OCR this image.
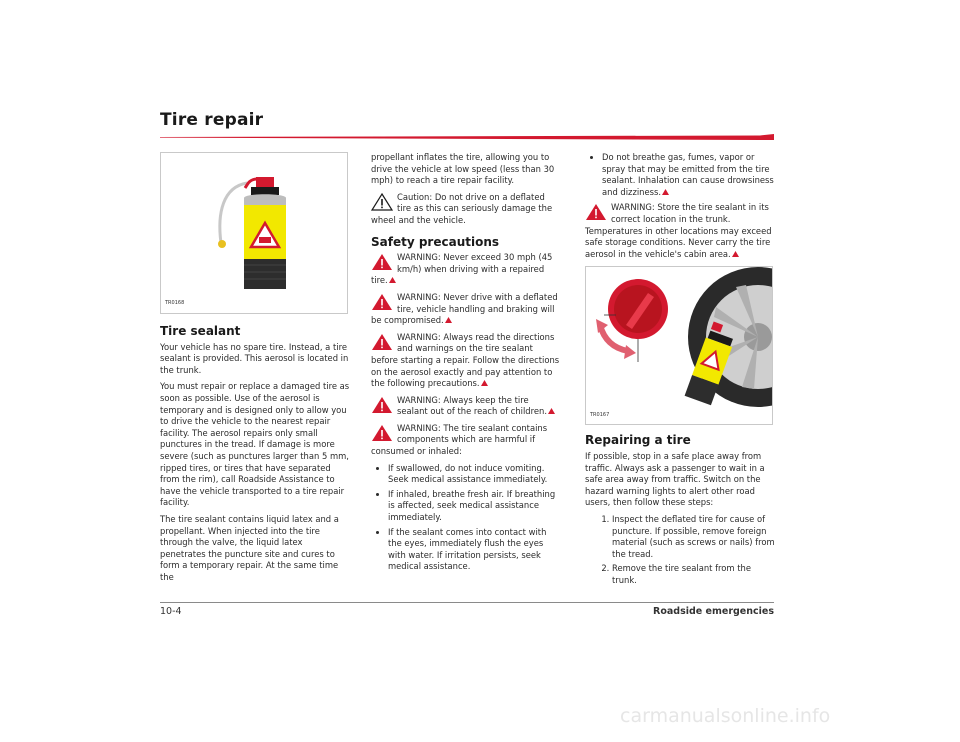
Tire repair
TR0168
Tire sealant

Your vehicle has no spare tire. Instead, a tire sealant is provided. This aerosol is located in the trunk.

You must repair or replace a damaged tire as soon as possible. Use of the aerosol is temporary and is designed only to allow you to drive the vehicle to the nearest repair facility. The aerosol repairs only small punctures in the tread. If damage is more severe (such as punctures larger than 5 mm, ripped tires, or tires that have separated from the rim), call Roadside Assistance to have the vehicle transported to a tire repair facility.

The tire sealant contains liquid latex and a propellant. When injected into the tire through the valve, the liquid latex penetrates the puncture site and cures to form a temporary repair. At the same time the

propellant inflates the tire, allowing you to drive the vehicle at low speed (less than 30 mph) to reach a tire repair facility.

Caution: Do not drive on a deflated tire as this can seriously damage the wheel and the vehicle.
Safety precautions
WARNING: Never exceed 30 mph (45 km/h) when driving with a repaired tire.
WARNING: Never drive with a deflated tire, vehicle handling and braking will be compromised.
WARNING: Always read the directions and warnings on the tire sealant before starting a repair. Follow the directions on the aerosol exactly and pay attention to the following precautions.
WARNING: Always keep the tire sealant out of the reach of children.
WARNING: The tire sealant contains components which are harmful if consumed or inhaled:
• If swallowed, do not induce vomiting. Seek medical assistance immediately.
• If inhaled, breathe fresh air. If breathing is affected, seek medical assistance immediately.
• If the sealant comes into contact with the eyes, immediately flush the eyes with water. If irritation persists, seek medical assistance.
• Do not breathe gas, fumes, vapor or spray that may be emitted from the tire sealant. Inhalation can cause drowsiness and dizziness.
WARNING: Store the tire sealant in its correct location in the trunk. Temperatures in other locations may exceed safe storage conditions. Never carry the tire aerosol in the vehicle's cabin area.
TR0167
Repairing a tire

If possible, stop in a safe place away from traffic. Always ask a passenger to wait in a safe area away from traffic. Switch on the hazard warning lights to alert other road users, then follow these steps:

1. Inspect the deflated tire for cause of puncture. If possible, remove foreign material (such as screws or nails) from the tread.
2. Remove the tire sealant from the trunk.
10-4	Roadside emergencies
carmanualsonline.info
